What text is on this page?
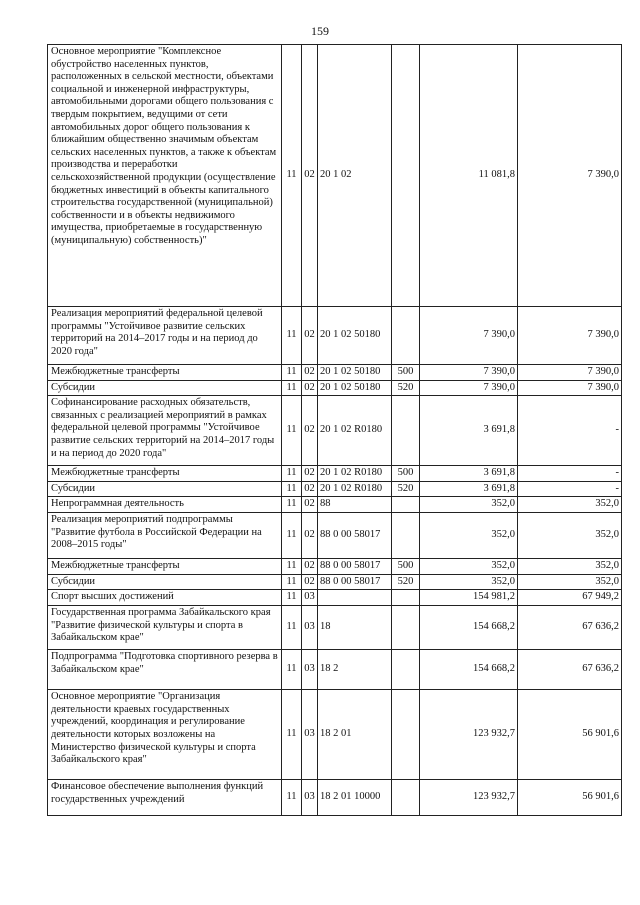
159
Основное мероприятие "Комплексное обустройство населенных пунктов, расположенных в сельской местности, объектами социальной и инженерной инфраструктуры, автомобильными дорогами общего пользования с твердым покрытием, ведущими от сети автомобильных дорог общего пользования к ближайшим общественно значимым объектам сельских населенных пунктов, а также к объектам производства и переработки сельскохозяйственной продукции (осуществление бюджетных инвестиций в объекты капитального строительства государственной (муниципальной) собственности и в объекты недвижимого имущества, приобретаемые в государственную (муниципальную) собственность)"	11	02	20 1 02		11 081,8	7 390,0
Реализация мероприятий федеральной целевой программы "Устойчивое развитие сельских территорий на 2014–2017 годы и на период до 2020 года"	11	02	20 1 02 50180		7 390,0	7 390,0
Межбюджетные трансферты	11	02	20 1 02 50180	500	7 390,0	7 390,0
Субсидии	11	02	20 1 02 50180	520	7 390,0	7 390,0
Софинансирование расходных обязательств, связанных с реализацией мероприятий в рамках федеральной целевой программы "Устойчивое развитие сельских территорий на 2014–2017 годы и на период до 2020 года"	11	02	20 1 02 R0180		3 691,8	-
Межбюджетные трансферты	11	02	20 1 02 R0180	500	3 691,8	-
Субсидии	11	02	20 1 02 R0180	520	3 691,8	-
Непрограммная деятельность	11	02	88		352,0	352,0
Реализация мероприятий подпрограммы "Развитие футбола в Российской Федерации на 2008–2015 годы"	11	02	88 0 00 58017		352,0	352,0
Межбюджетные трансферты	11	02	88 0 00 58017	500	352,0	352,0
Субсидии	11	02	88 0 00 58017	520	352,0	352,0
Спорт высших достижений	11	03			154 981,2	67 949,2
Государственная программа Забайкальского края "Развитие физической культуры и спорта в Забайкальском крае"	11	03	18		154 668,2	67 636,2
Подпрограмма "Подготовка спортивного резерва в Забайкальском крае"	11	03	18 2		154 668,2	67 636,2
Основное мероприятие "Организация деятельности краевых государственных учреждений, координация и регулирование деятельности которых возложены на Министерство физической культуры и спорта Забайкальского края"	11	03	18 2 01		123 932,7	56 901,6
Финансовое обеспечение выполнения функций государственных учреждений	11	03	18 2 01 10000		123 932,7	56 901,6
